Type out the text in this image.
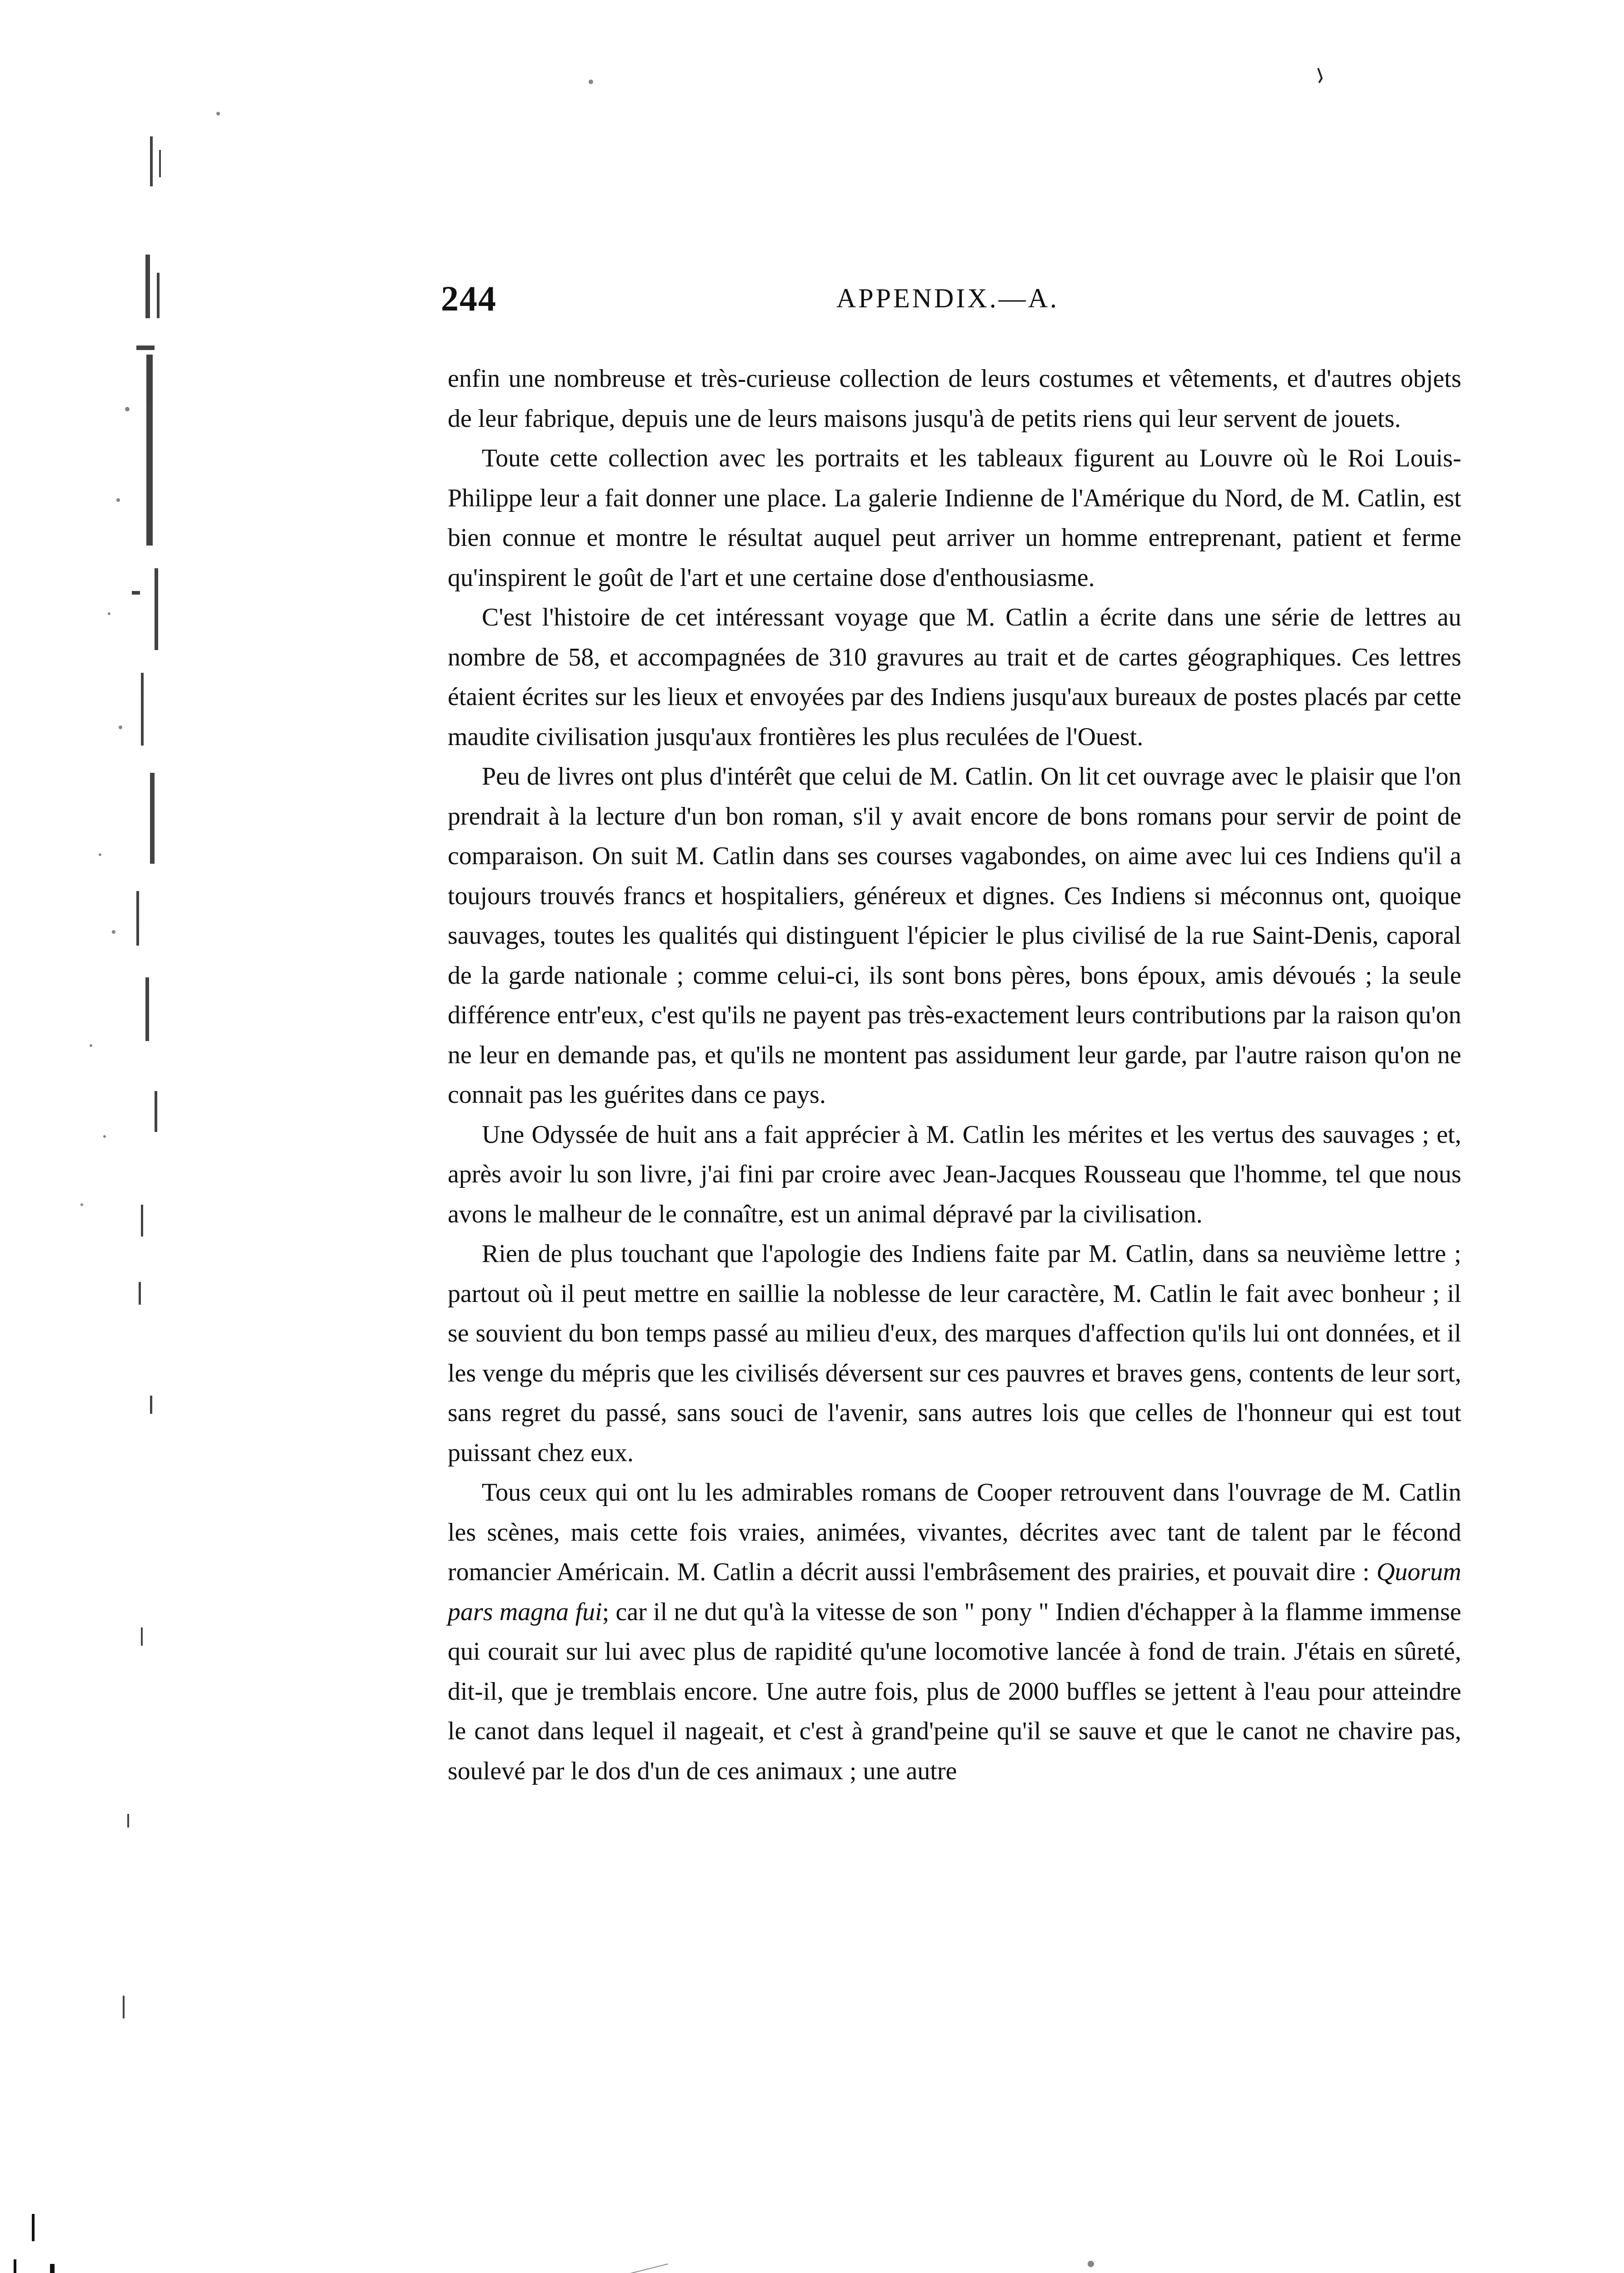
244	APPENDIX.—A.

enfin une nombreuse et très-curieuse collection de leurs costumes et vêtements, et d'autres objets de leur fabrique, depuis une de leurs maisons jusqu'à de petits riens qui leur servent de jouets.

Toute cette collection avec les portraits et les tableaux figurent au Louvre où le Roi Louis-Philippe leur a fait donner une place. La galerie Indienne de l'Amérique du Nord, de M. Catlin, est bien connue et montre le résultat auquel peut arriver un homme entreprenant, patient et ferme qu'inspirent le goût de l'art et une certaine dose d'enthousiasme.

C'est l'histoire de cet intéressant voyage que M. Catlin a écrite dans une série de lettres au nombre de 58, et accompagnées de 310 gravures au trait et de cartes géographiques. Ces lettres étaient écrites sur les lieux et envoyées par des Indiens jusqu'aux bureaux de postes placés par cette maudite civilisation jusqu'aux frontières les plus reculées de l'Ouest.

Peu de livres ont plus d'intérêt que celui de M. Catlin. On lit cet ouvrage avec le plaisir que l'on prendrait à la lecture d'un bon roman, s'il y avait encore de bons romans pour servir de point de comparaison. On suit M. Catlin dans ses courses vagabondes, on aime avec lui ces Indiens qu'il a toujours trouvés francs et hospitaliers, généreux et dignes. Ces Indiens si méconnus ont, quoique sauvages, toutes les qualités qui distinguent l'épicier le plus civilisé de la rue Saint-Denis, caporal de la garde nationale ; comme celui-ci, ils sont bons pères, bons époux, amis dévoués ; la seule différence entr'eux, c'est qu'ils ne payent pas très-exactement leurs contributions par la raison qu'on ne leur en demande pas, et qu'ils ne montent pas assidument leur garde, par l'autre raison qu'on ne connait pas les guérites dans ce pays.

Une Odyssée de huit ans a fait apprécier à M. Catlin les mérites et les vertus des sauvages ; et, après avoir lu son livre, j'ai fini par croire avec Jean-Jacques Rousseau que l'homme, tel que nous avons le malheur de le connaître, est un animal dépravé par la civilisation.

Rien de plus touchant que l'apologie des Indiens faite par M. Catlin, dans sa neuvième lettre ; partout où il peut mettre en saillie la noblesse de leur caractère, M. Catlin le fait avec bonheur ; il se souvient du bon temps passé au milieu d'eux, des marques d'affection qu'ils lui ont données, et il les venge du mépris que les civilisés déversent sur ces pauvres et braves gens, contents de leur sort, sans regret du passé, sans souci de l'avenir, sans autres lois que celles de l'honneur qui est tout puissant chez eux.

Tous ceux qui ont lu les admirables romans de Cooper retrouvent dans l'ouvrage de M. Catlin les scènes, mais cette fois vraies, animées, vivantes, décrites avec tant de talent par le fécond romancier Américain. M. Catlin a décrit aussi l'embrâsement des prairies, et pouvait dire : Quorum pars magna fui; car il ne dut qu'à la vitesse de son " pony " Indien d'échapper à la flamme immense qui courait sur lui avec plus de rapidité qu'une locomotive lancée à fond de train. J'étais en sûreté, dit-il, que je tremblais encore. Une autre fois, plus de 2000 buffles se jettent à l'eau pour atteindre le canot dans lequel il nageait, et c'est à grand'peine qu'il se sauve et que le canot ne chavire pas, soulevé par le dos d'un de ces animaux ; une autre
